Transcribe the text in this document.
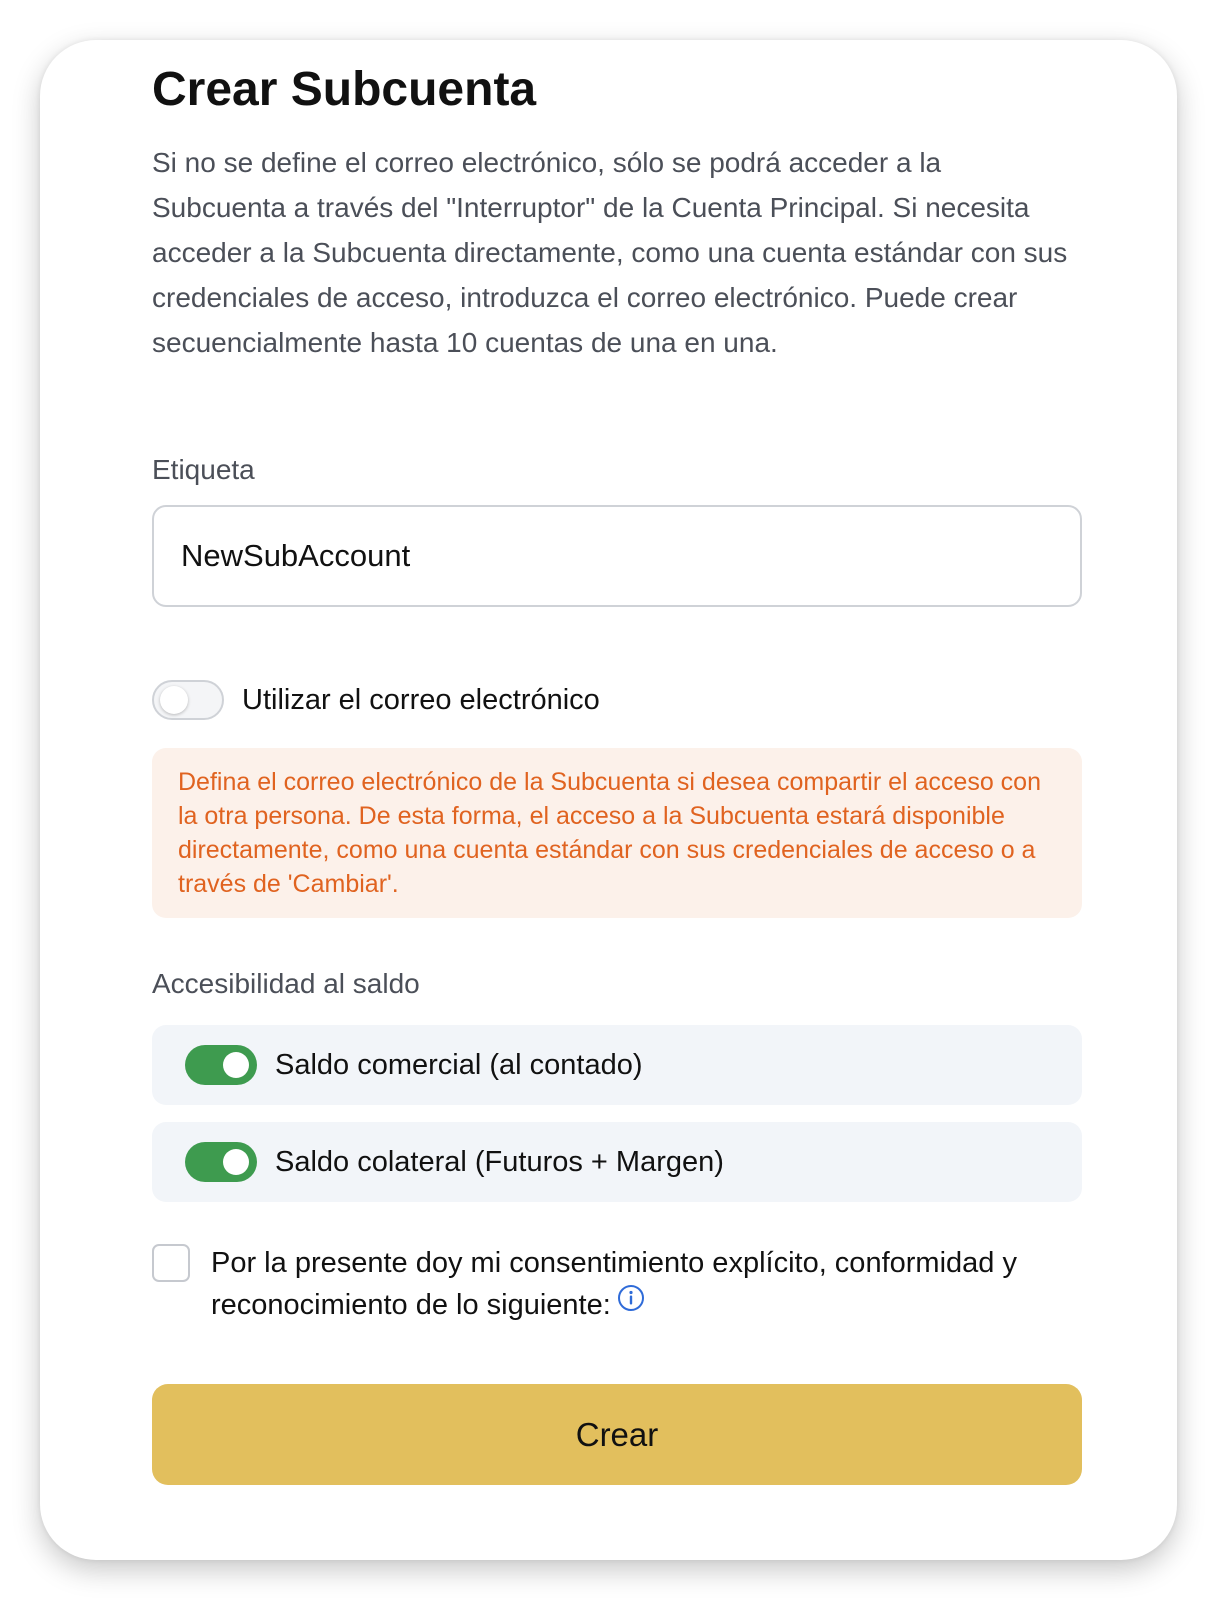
Crear Subcuenta

Si no se define el correo electrónico, sólo se podrá acceder a la Subcuenta a través del "Interruptor" de la Cuenta Principal. Si necesita acceder a la Subcuenta directamente, como una cuenta estándar con sus credenciales de acceso, introduzca el correo electrónico. Puede crear secuencialmente hasta 10 cuentas de una en una.

Etiqueta
NewSubAccount
Utilizar el correo electrónico
Defina el correo electrónico de la Subcuenta si desea compartir el acceso con la otra persona. De esta forma, el acceso a la Subcuenta estará disponible directamente, como una cuenta estándar con sus credenciales de acceso o a través de 'Cambiar'.
Accesibilidad al saldo
Saldo comercial (al contado)
Saldo colateral (Futuros + Margen)
Por la presente doy mi consentimiento explícito, conformidad y reconocimiento de lo siguiente:
Crear
